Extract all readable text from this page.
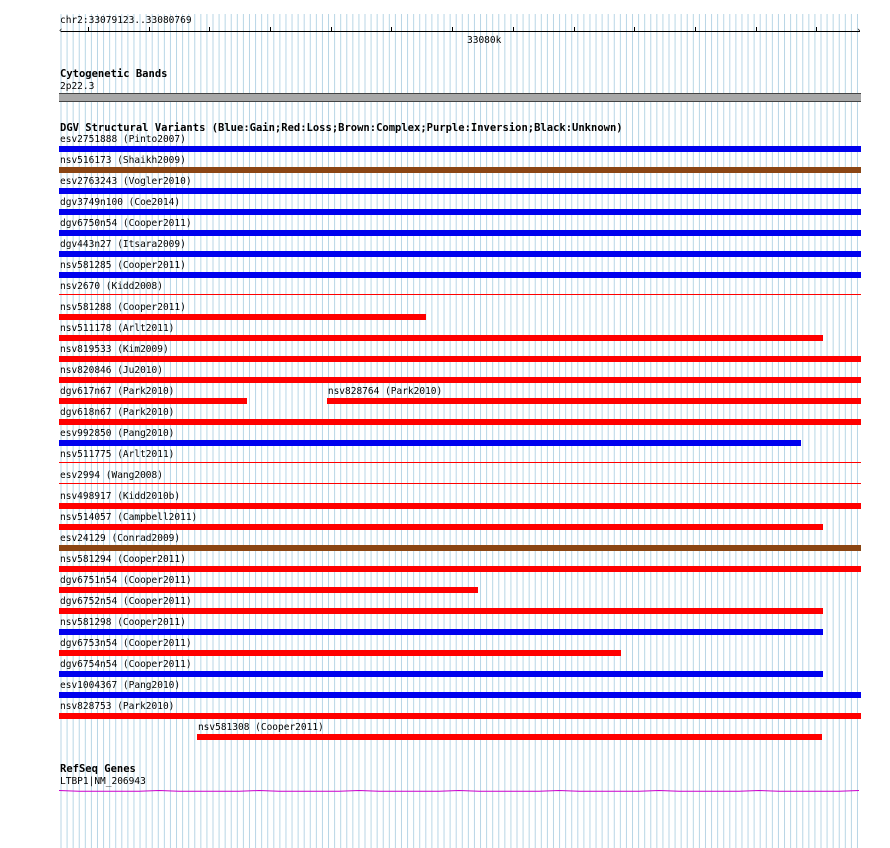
chr2:33079123..33080769
‹	›
33080k
Cytogenetic Bands
2p22.3
DGV Structural Variants (Blue:Gain;Red:Loss;Brown:Complex;Purple:Inversion;Black:Unknown)
esv2751888 (Pinto2007)
nsv516173 (Shaikh2009)
esv2763243 (Vogler2010)
dgv3749n100 (Coe2014)
dgv6750n54 (Cooper2011)
dgv443n27 (Itsara2009)
nsv581285 (Cooper2011)
nsv2670 (Kidd2008)
nsv581288 (Cooper2011)
nsv511178 (Arlt2011)
nsv819533 (Kim2009)
nsv820846 (Ju2010)
dgv617n67 (Park2010)	nsv828764 (Park2010)
dgv618n67 (Park2010)
esv992850 (Pang2010)
nsv511775 (Arlt2011)
esv2994 (Wang2008)
nsv498917 (Kidd2010b)
nsv514057 (Campbell2011)
esv24129 (Conrad2009)
nsv581294 (Cooper2011)
dgv6751n54 (Cooper2011)
dgv6752n54 (Cooper2011)
nsv581298 (Cooper2011)
dgv6753n54 (Cooper2011)
dgv6754n54 (Cooper2011)
esv1004367 (Pang2010)
nsv828753 (Park2010)
nsv581308 (Cooper2011)
RefSeq Genes
LTBP1|NM_206943
